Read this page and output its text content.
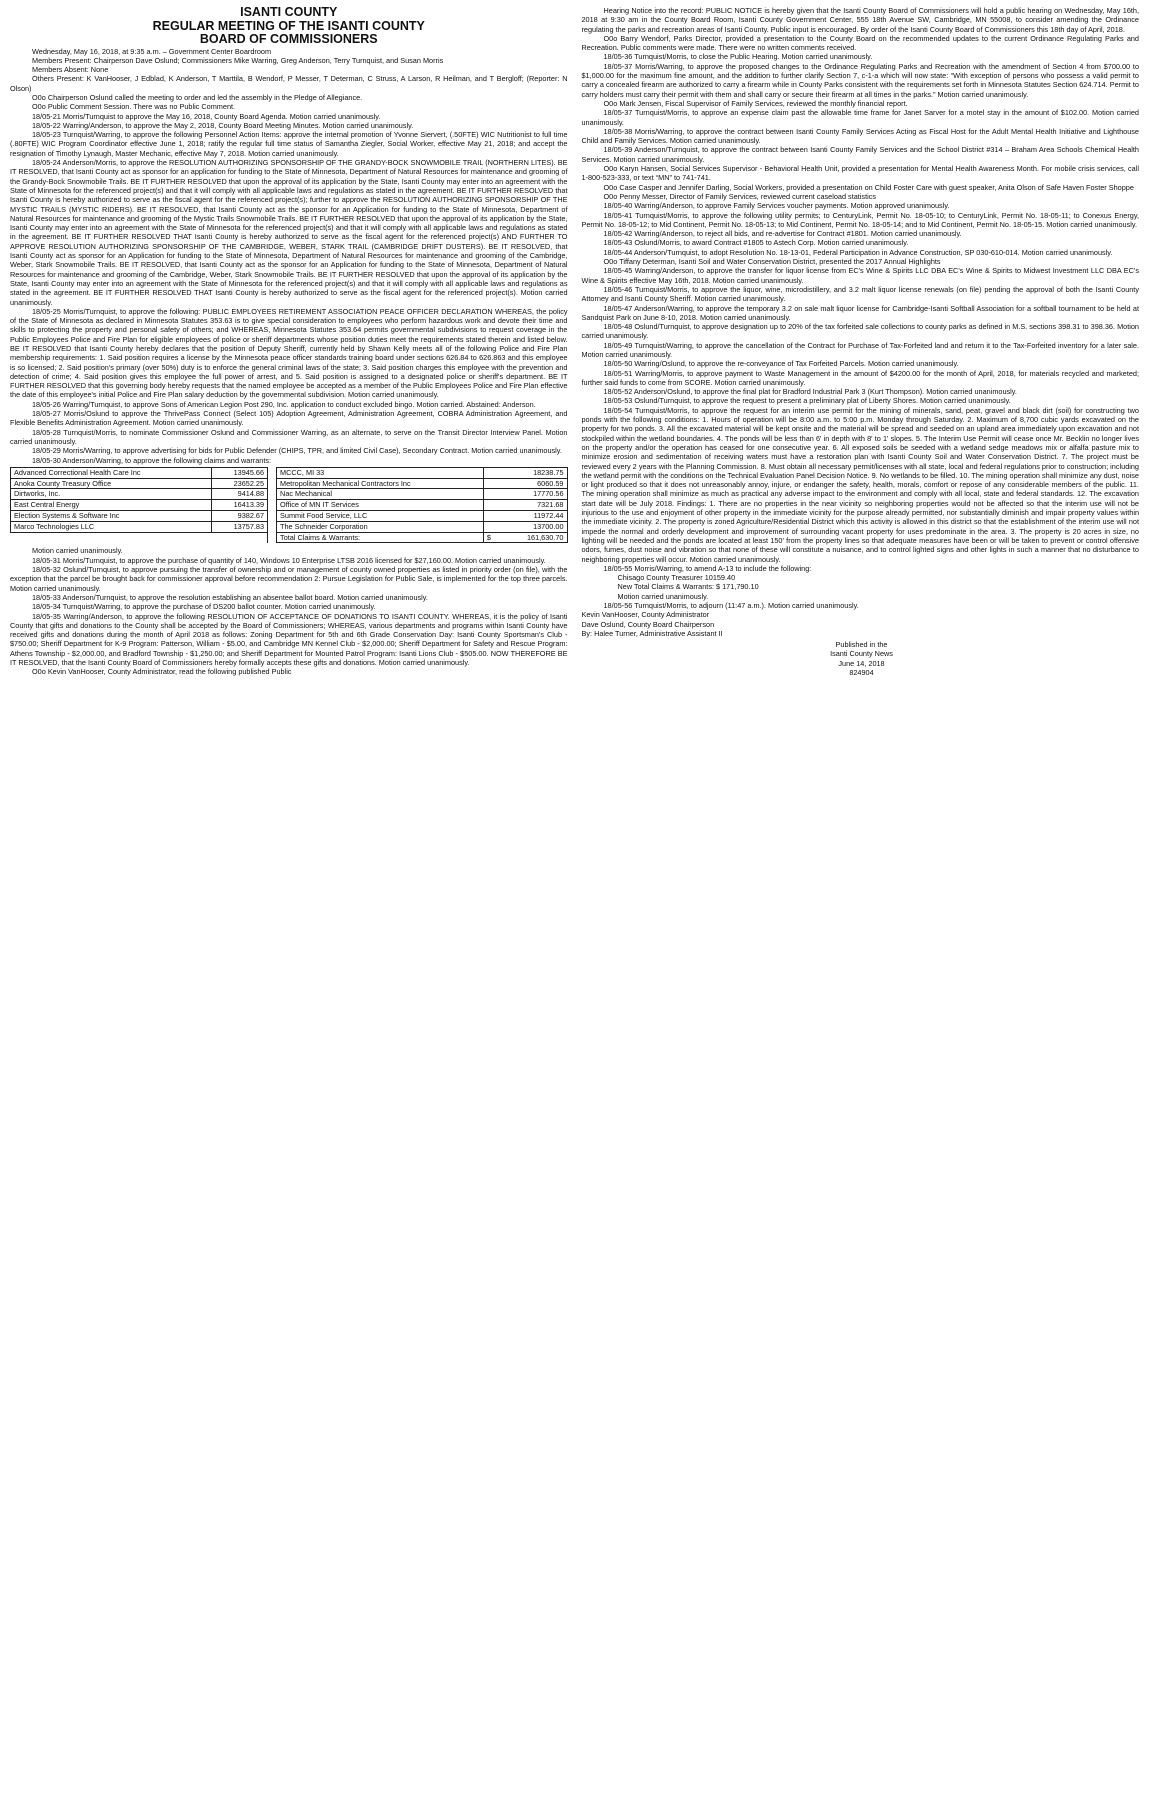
ISANTI COUNTY
REGULAR MEETING OF THE ISANTI COUNTY
BOARD OF COMMISSIONERS

Wednesday, May 16, 2018, at 9:35 a.m. – Government Center Boardroom

Members Present: Chairperson Dave Oslund; Commissioners Mike Warring, Greg Anderson, Terry Turnquist, and Susan Morris

Members Absent: None

Others Present: K VanHooser, J Edblad, K Anderson, T Marttila, B Wendorf, P Messer, T Determan, C Struss, A Larson, R Heilman, and T Bergloff; (Reporter: N Olson)

O0o Chairperson Oslund called the meeting to order and led the assembly in the Pledge of Allegiance.

O0o Public Comment Session. There was no Public Comment.

18/05-21 Morris/Turnquist to approve the May 16, 2018, County Board Agenda. Motion carried unanimously.

18/05-22 Warring/Anderson, to approve the May 2, 2018, County Board Meeting Minutes. Motion carried unanimously.

18/05-23 Turnquist/Warring, to approve the following Personnel Action Items: approve the internal promotion of Yvonne Siervert, (.50FTE) WIC Nutritionist to full time (.80FTE) WIC Program Coordinator effective June 1, 2018; ratify the regular full time status of Samantha Ziegler, Social Worker, effective May 21, 2018; and accept the resignation of Timothy Lynaugh, Master Mechanic, effective May 7, 2018. Motion carried unanimously.

18/05-24 Anderson/Morris, to approve the RESOLUTION AUTHORIZING SPONSORSHIP OF THE GRANDY-BOCK SNOWMOBILE TRAIL (NORTHERN LITES). BE IT RESOLVED, that Isanti County act as sponsor for an application for funding to the State of Minnesota, Department of Natural Resources for maintenance and grooming of the Grandy-Bock Snowmobile Trails. BE IT FURTHER RESOLVED that upon the approval of its application by the State, Isanti County may enter into an agreement with the State of Minnesota for the referenced project(s) and that it will comply with all applicable laws and regulations as stated in the agreement. BE IT FURTHER RESOLVED that Isanti County is hereby authorized to serve as the fiscal agent for the referenced project(s); further to approve the RESOLUTION AUTHORIZING SPONSORSHIP OF THE MYSTIC TRAILS (MYSTIC RIDERS). BE IT RESOLVED, that Isanti County act as the sponsor for an Application for funding to the State of Minnesota, Department of Natural Resources for maintenance and grooming of the Mystic Trails Snowmobile Trails. BE IT FURTHER RESOLVED that upon the approval of its application by the State, Isanti County may enter into an agreement with the State of Minnesota for the referenced project(s) and that it will comply with all applicable laws and regulations as stated in the agreement. BE IT FURTHER RESOLVED THAT Isanti County is hereby authorized to serve as the fiscal agent for the referenced project(s) AND FURTHER TO APPROVE RESOLUTION AUTHORIZING SPONSORSHIP OF THE CAMBRIDGE, WEBER, STARK TRAIL (CAMBRIDGE DRIFT DUSTERS). BE IT RESOLVED, that Isanti County act as sponsor for an Application for funding to the State of Minnesota, Department of Natural Resources for maintenance and grooming of the Cambridge, Weber, Stark Snowmobile Trails. BE IT RESOLVED, that Isanti County act as the sponsor for an Application for funding to the State of Minnesota, Department of Natural Resources for maintenance and grooming of the Cambridge, Weber, Stark Snowmobile Trails. BE IT FURTHER RESOLVED that upon the approval of its application by the State, Isanti County may enter into an agreement with the State of Minnesota for the referenced project(s) and that it will comply with all applicable laws and regulations as stated in the agreement. BE IT FURTHER RESOLVED THAT Isanti County is hereby authorized to serve as the fiscal agent for the referenced project(s). Motion carried unanimously.

18/05-25 Morris/Turnquist, to approve the following: PUBLIC EMPLOYEES RETIREMENT ASSOCIATION PEACE OFFICER DECLARATION WHEREAS, the policy of the State of Minnesota as declared in Minnesota Statutes 353.63 is to give special consideration to employees who perform hazardous work and devote their time and skills to protecting the property and personal safety of others; and WHEREAS, Minnesota Statutes 353.64 permits governmental subdivisions to request coverage in the Public Employees Police and Fire Plan for eligible employees of police or sheriff departments whose position duties meet the requirements stated therein and listed below. BE IT RESOLVED that Isanti County hereby declares that the position of Deputy Sheriff, currently held by Shawn Kelly meets all of the following Police and Fire Plan membership requirements: 1. Said position requires a license by the Minnesota peace officer standards training board under sections 626.84 to 626.863 and this employee is so licensed; 2. Said position's primary (over 50%) duty is to enforce the general criminal laws of the state; 3. Said position charges this employee with the prevention and detection of crime; 4. Said position gives this employee the full power of arrest, and 5. Said position is assigned to a designated police or sheriff's department. BE IT FURTHER RESOLVED that this governing body hereby requests that the named employee be accepted as a member of the Public Employees Police and Fire Plan effective the date of this employee's initial Police and Fire Plan salary deduction by the governmental subdivision. Motion carried unanimously.

18/05-26 Warring/Turnquist, to approve Sons of American Legion Post 290, Inc. application to conduct excluded bingo. Motion carried. Abstained: Anderson.

18/05-27 Morris/Oslund to approve the ThrivePass Connect (Select 105) Adoption Agreement, Administration Agreement, COBRA Administration Agreement, and Flexible Benefits Administration Agreement. Motion carried unanimously.

18/05-28 Turnquist/Morris, to nominate Commissioner Oslund and Commissioner Warring, as an alternate, to serve on the Transit Director Interview Panel. Motion carried unanimously.

18/05-29 Morris/Warring, to approve advertising for bids for Public Defender (CHIPS, TPR, and limited Civil Case), Secondary Contract. Motion carried unanimously.

18/05-30 Anderson/Warring, to approve the following claims and warrants:

Advanced Correctional Health Care Inc	13945.66		MCCC, MI 33	18238.75
Anoka County Treasury Office	23652.25		Metropolitan Mechanical Contractors Inc	6060.59
Dirtworks, Inc.	9414.88		Nac Mechanical	17770.56
East Central Energy	16413.39		Office of MN IT Services	7321.68
Election Systems & Software Inc	9382.67		Summit Food Service, LLC	11972.44
Marco Technologies LLC	13757.83		The Schneider Corporation	13700.00
			Total Claims & Warrants:	$ 161,630.70

Motion carried unanimously.

18/05-31 Morris/Turnquist, to approve the purchase of quantity of 140, Windows 10 Enterprise LTSB 2016 licensed for $27,160.00. Motion carried unanimously.

18/05-32 Oslund/Turnquist, to approve pursuing the transfer of ownership and or management of county owned properties as listed in priority order (on file), with the exception that the parcel be brought back for commissioner approval before recommendation 2: Pursue Legislation for Public Sale, is implemented for the top three parcels. Motion carried unanimously.

18/05-33 Anderson/Turnquist, to approve the resolution establishing an absentee ballot board. Motion carried unanimously.

18/05-34 Turnquist/Warring, to approve the purchase of DS200 ballot counter. Motion carried unanimously.

18/05-35 Warring/Anderson, to approve the following RESOLUTION OF ACCEPTANCE OF DONATIONS TO ISANTI COUNTY. WHEREAS, it is the policy of Isanti County that gifts and donations to the County shall be accepted by the Board of Commissioners; WHEREAS, various departments and programs within Isanti County have received gifts and donations during the month of April 2018 as follows: Zoning Department for 5th and 6th Grade Conservation Day: Isanti County Sportsman's Club - $750.00; Sheriff Department for K-9 Program: Patterson, William - $5.00, and Cambridge MN Kennel Club - $2,000.00; Sheriff Department for Safety and Rescue Program: Athens Township - $2,000.00, and Bradford Township - $1,250.00; and Sheriff Department for Mounted Patrol Program: Isanti Lions Club - $505.00. NOW THEREFORE BE IT RESOLVED, that the Isanti County Board of Commissioners hereby formally accepts these gifts and donations. Motion carried unanimously.

O0o Kevin VanHooser, County Administrator, read the following published Public

Hearing Notice into the record: PUBLIC NOTICE is hereby given that the Isanti County Board of Commissioners will hold a public hearing on Wednesday, May 16th, 2018 at 9:30 am in the County Board Room, Isanti County Government Center, 555 18th Avenue SW, Cambridge, MN 55008, to consider amending the Ordinance regulating the parks and recreation areas of Isanti County. Public input is encouraged. By order of the Isanti County Board of Commissioners this 18th day of April, 2018.

O0o Barry Wendorf, Parks Director, provided a presentation to the County Board on the recommended updates to the current Ordinance Regulating Parks and Recreation. Public comments were made. There were no written comments received.

18/05-36 Turnquist/Morris, to close the Public Hearing. Motion carried unanimously.

18/05-37 Morris/Warring, to approve the proposed changes to the Ordinance Regulating Parks and Recreation with the amendment of Section 4 from $700.00 to $1,000.00 for the maximum fine amount, and the addition to further clarify Section 7, c-1-a which will now state: “With exception of persons who possess a valid permit to carry a concealed firearm are authorized to carry a firearm while in County Parks consistent with the requirements set forth in Minnesota Statutes Section 624.714. Permit to carry holders must carry their permit with them and shall carry or secure their firearm at all times in the parks.” Motion carried unanimously.

O0o Mark Jensen, Fiscal Supervisor of Family Services, reviewed the monthly financial report.

18/05-37 Turnquist/Morris, to approve an expense claim past the allowable time frame for Janet Sarver for a motel stay in the amount of $102.00. Motion carried unanimously.

18/05-38 Morris/Warring, to approve the contract between Isanti County Family Services Acting as Fiscal Host for the Adult Mental Health Initiative and Lighthouse Child and Family Services. Motion carried unanimously.

18/05-39 Anderson/Turnquist, to approve the contract between Isanti County Family Services and the School District #314 – Braham Area Schools Chemical Health Services. Motion carried unanimously.

O0o Karyn Hansen, Social Services Supervisor - Behavioral Health Unit, provided a presentation for Mental Health Awareness Month. For mobile crisis services, call 1-800-523-333, or text “MN” to 741-741.

O0o Case Casper and Jennifer Darling, Social Workers, provided a presentation on Child Foster Care with guest speaker, Anita Olson of Safe Haven Foster Shoppe

O0o Penny Messer, Director of Family Services, reviewed current caseload statistics

18/05-40 Warring/Anderson, to approve Family Services voucher payments. Motion approved unanimously.

18/05-41 Turnquist/Morris, to approve the following utility permits; to CenturyLink, Permit No. 18-05-10; to CenturyLink, Permit No. 18-05-11; to Conexus Energy, Permit No. 18-05-12; to Mid Continent, Permit No. 18-05-13; to Mid Continent, Permit No. 18-05-14; and to Mid Continent, Permit No. 18-05-15. Motion carried unanimously.

18/05-42 Warring/Anderson, to reject all bids, and re-advertise for Contract #1801. Motion carried unanimously.

18/05-43 Oslund/Morris, to award Contract #1805 to Astech Corp. Motion carried unanimously.

18/05-44 Anderson/Turnquist, to adopt Resolution No. 18-13-01, Federal Participation in Advance Construction, SP 030-610-014. Motion carried unanimously.

O0o Tiffany Determan, Isanti Soil and Water Conservation District, presented the 2017 Annual Highlights

18/05-45 Warring/Anderson, to approve the transfer for liquor license from EC's Wine & Spirits LLC DBA EC's Wine & Spirits to Midwest Investment LLC DBA EC's Wine & Spirits effective May 16th, 2018. Motion carried unanimously.

18/05-46 Turnquist/Morris, to approve the liquor, wine, microdistillery, and 3.2 malt liquor license renewals (on file) pending the approval of both the Isanti County Attorney and Isanti County Sheriff. Motion carried unanimously.

18/05-47 Anderson/Warring, to approve the temporary 3.2 on sale malt liquor license for Cambridge-Isanti Softball Association for a softball tournament to be held at Sandquist Park on June 8-10, 2018. Motion carried unanimously.

18/05-48 Oslund/Turnquist, to approve designation up to 20% of the tax forfeited sale collections to county parks as defined in M.S. sections 398.31 to 398.36. Motion carried unanimously.

18/05-49 Turnquist/Warring, to approve the cancellation of the Contract for Purchase of Tax-Forfeited land and return it to the Tax-Forfeited inventory for a later sale. Motion carried unanimously.

18/05-50 Warring/Oslund, to approve the re-conveyance of Tax Forfeited Parcels. Motion carried unanimously.

18/05-51 Warring/Morris, to approve payment to Waste Management in the amount of $4200.00 for the month of April, 2018, for materials recycled and marketed; further said funds to come from SCORE. Motion carried unanimously.

18/05-52 Anderson/Oslund, to approve the final plat for Bradford Industrial Park 3 (Kurt Thompson). Motion carried unanimously.

18/05-53 Oslund/Turnquist, to approve the request to present a preliminary plat of Liberty Shores. Motion carried unanimously.

18/05-54 Turnquist/Morris, to approve the request for an interim use permit for the mining of minerals, sand, peat, gravel and black dirt (soil) for constructing two ponds with the following conditions: 1. Hours of operation will be 8:00 a.m. to 5:00 p.m. Monday through Saturday. 2. Maximum of 8,700 cubic yards excavated on the property for two ponds. 3. All the excavated material will be kept onsite and the material will be spread and seeded on an upland area immediately upon excavation and not stockpiled within the wetland boundaries. 4. The ponds will be less than 6' in depth with 8' to 1' slopes. 5. The Interim Use Permit will cease once Mr. Becklin no longer lives on the property and/or the operation has ceased for one consecutive year. 6. All exposed soils be seeded with a wetland sedge meadows mix or alfalfa pasture mix to minimize erosion and sedimentation of receiving waters must have a restoration plan with Isanti County Soil and Water Conservation District. 7. The project must be reviewed every 2 years with the Planning Commission. 8. Must obtain all necessary permit/licenses with all state, local and federal regulations prior to construction; including the wetland permit with the conditions on the Technical Evaluation Panel Decision Notice. 9. No wetlands to be filled. 10. The mining operation shall minimize any dust, noise or light produced so that it does not unreasonably annoy, injure, or endanger the safety, health, morals, comfort or repose of any considerable members of the public. 11. The mining operation shall minimize as much as practical any adverse impact to the environment and comply with all local, state and federal standards. 12. The excavation start date will be July 2018. Findings: 1. There are no properties in the near vicinity so neighboring properties would not be affected so that the interim use will not be injurious to the use and enjoyment of other property in the immediate vicinity for the purpose already permitted, nor substantially diminish and impair property values within the immediate vicinity. 2. The property is zoned Agriculture/Residential District which this activity is allowed in this district so that the establishment of the interim use will not impede the normal and orderly development and improvement of surrounding vacant property for uses predominate in the area. 3. The property is 20 acres in size, no lighting will be needed and the ponds are located at least 150' from the property lines so that adequate measures have been or will be taken to prevent or control offensive odors, fumes, dust noise and vibration so that none of these will constitute a nuisance, and to control lighted signs and other lights in such a manner that no disturbance to neighboring properties will occur. Motion carried unanimously.

18/05-55 Morris/Warring, to amend A-13 to include the following:

Chisago County Treasurer 10159.40
New Total Claims & Warrants: $ 171,790.10
Motion carried unanimously.

18/05-56 Turnquist/Morris, to adjourn (11:47 a.m.). Motion carried unanimously.

Kevin VanHooser, County Administrator
Dave Oslund, County Board Chairperson
By: Halee Turner, Administrative Assistant II
Published in the
Isanti County News
June 14, 2018
824904
